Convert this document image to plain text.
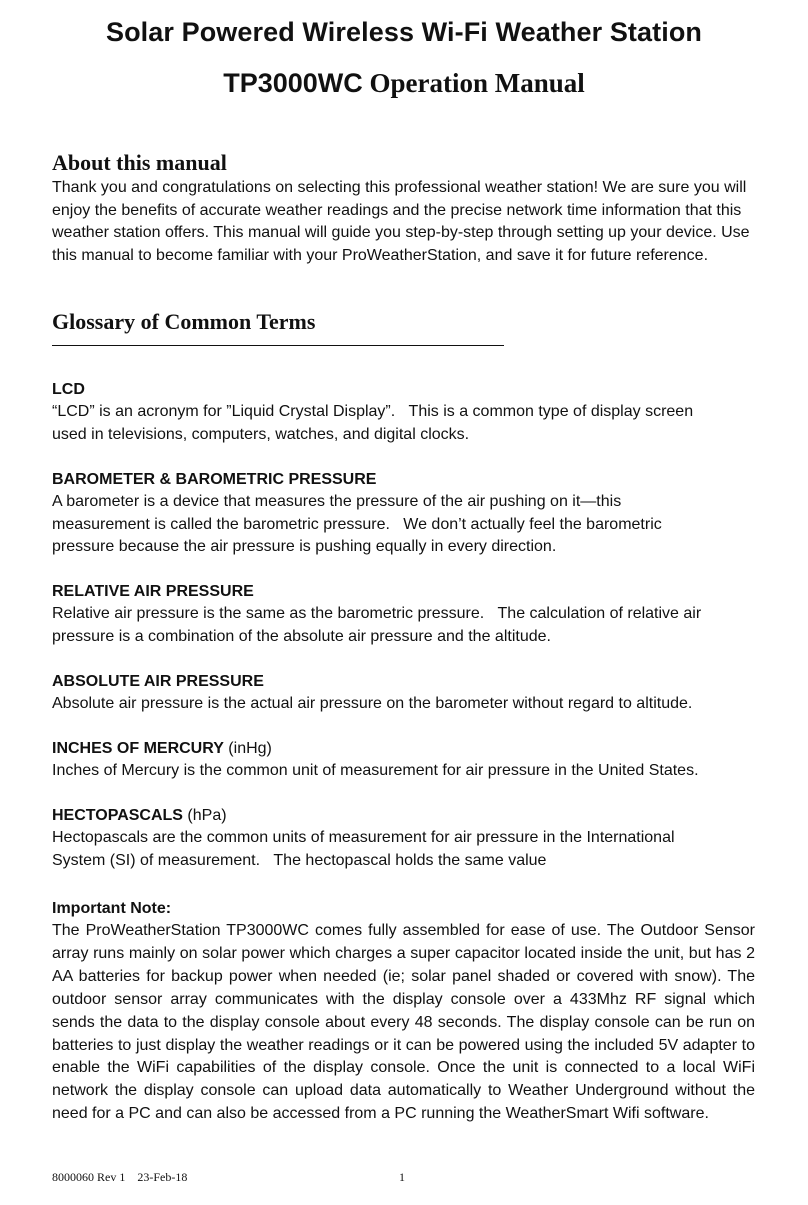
Solar Powered Wireless Wi-Fi Weather Station
TP3000WC Operation Manual
About this manual
Thank you and congratulations on selecting this professional weather station! We are sure you will enjoy the benefits of accurate weather readings and the precise network time information that this weather station offers. This manual will guide you step-by-step through setting up your device. Use this manual to become familiar with your ProWeatherStation, and save it for future reference.
Glossary of Common Terms
LCD
“LCD” is an acronym for ”Liquid Crystal Display”.   This is a common type of display screen
used in televisions, computers, watches, and digital clocks.
BAROMETER & BAROMETRIC PRESSURE
A barometer is a device that measures the pressure of the air pushing on it—this
measurement is called the barometric pressure.   We don’t actually feel the barometric
pressure because the air pressure is pushing equally in every direction.
RELATIVE AIR PRESSURE
Relative air pressure is the same as the barometric pressure.   The calculation of relative air
pressure is a combination of the absolute air pressure and the altitude.
ABSOLUTE AIR PRESSURE
Absolute air pressure is the actual air pressure on the barometer without regard to altitude.
INCHES OF MERCURY (inHg)
Inches of Mercury is the common unit of measurement for air pressure in the United States.
HECTOPASCALS (hPa)
Hectopascals are the common units of measurement for air pressure in the International
System (SI) of measurement.   The hectopascal holds the same value
Important Note:
The ProWeatherStation TP3000WC comes fully assembled for ease of use. The Outdoor Sensor array runs mainly on solar power which charges a super capacitor located inside the unit, but has 2 AA batteries for backup power when needed (ie; solar panel shaded or covered with snow). The outdoor sensor array communicates with the display console over a 433Mhz RF signal which sends the data to the display console about every 48 seconds. The display console can be run on batteries to just display the weather readings or it can be powered using the included 5V adapter to enable the WiFi capabilities of the display console. Once the unit is connected to a local WiFi network the display console can upload data automatically to Weather Underground without the need for a PC and can also be accessed from a PC running the WeatherSmart Wifi software.
8000060 Rev 1    23-Feb-18	1
